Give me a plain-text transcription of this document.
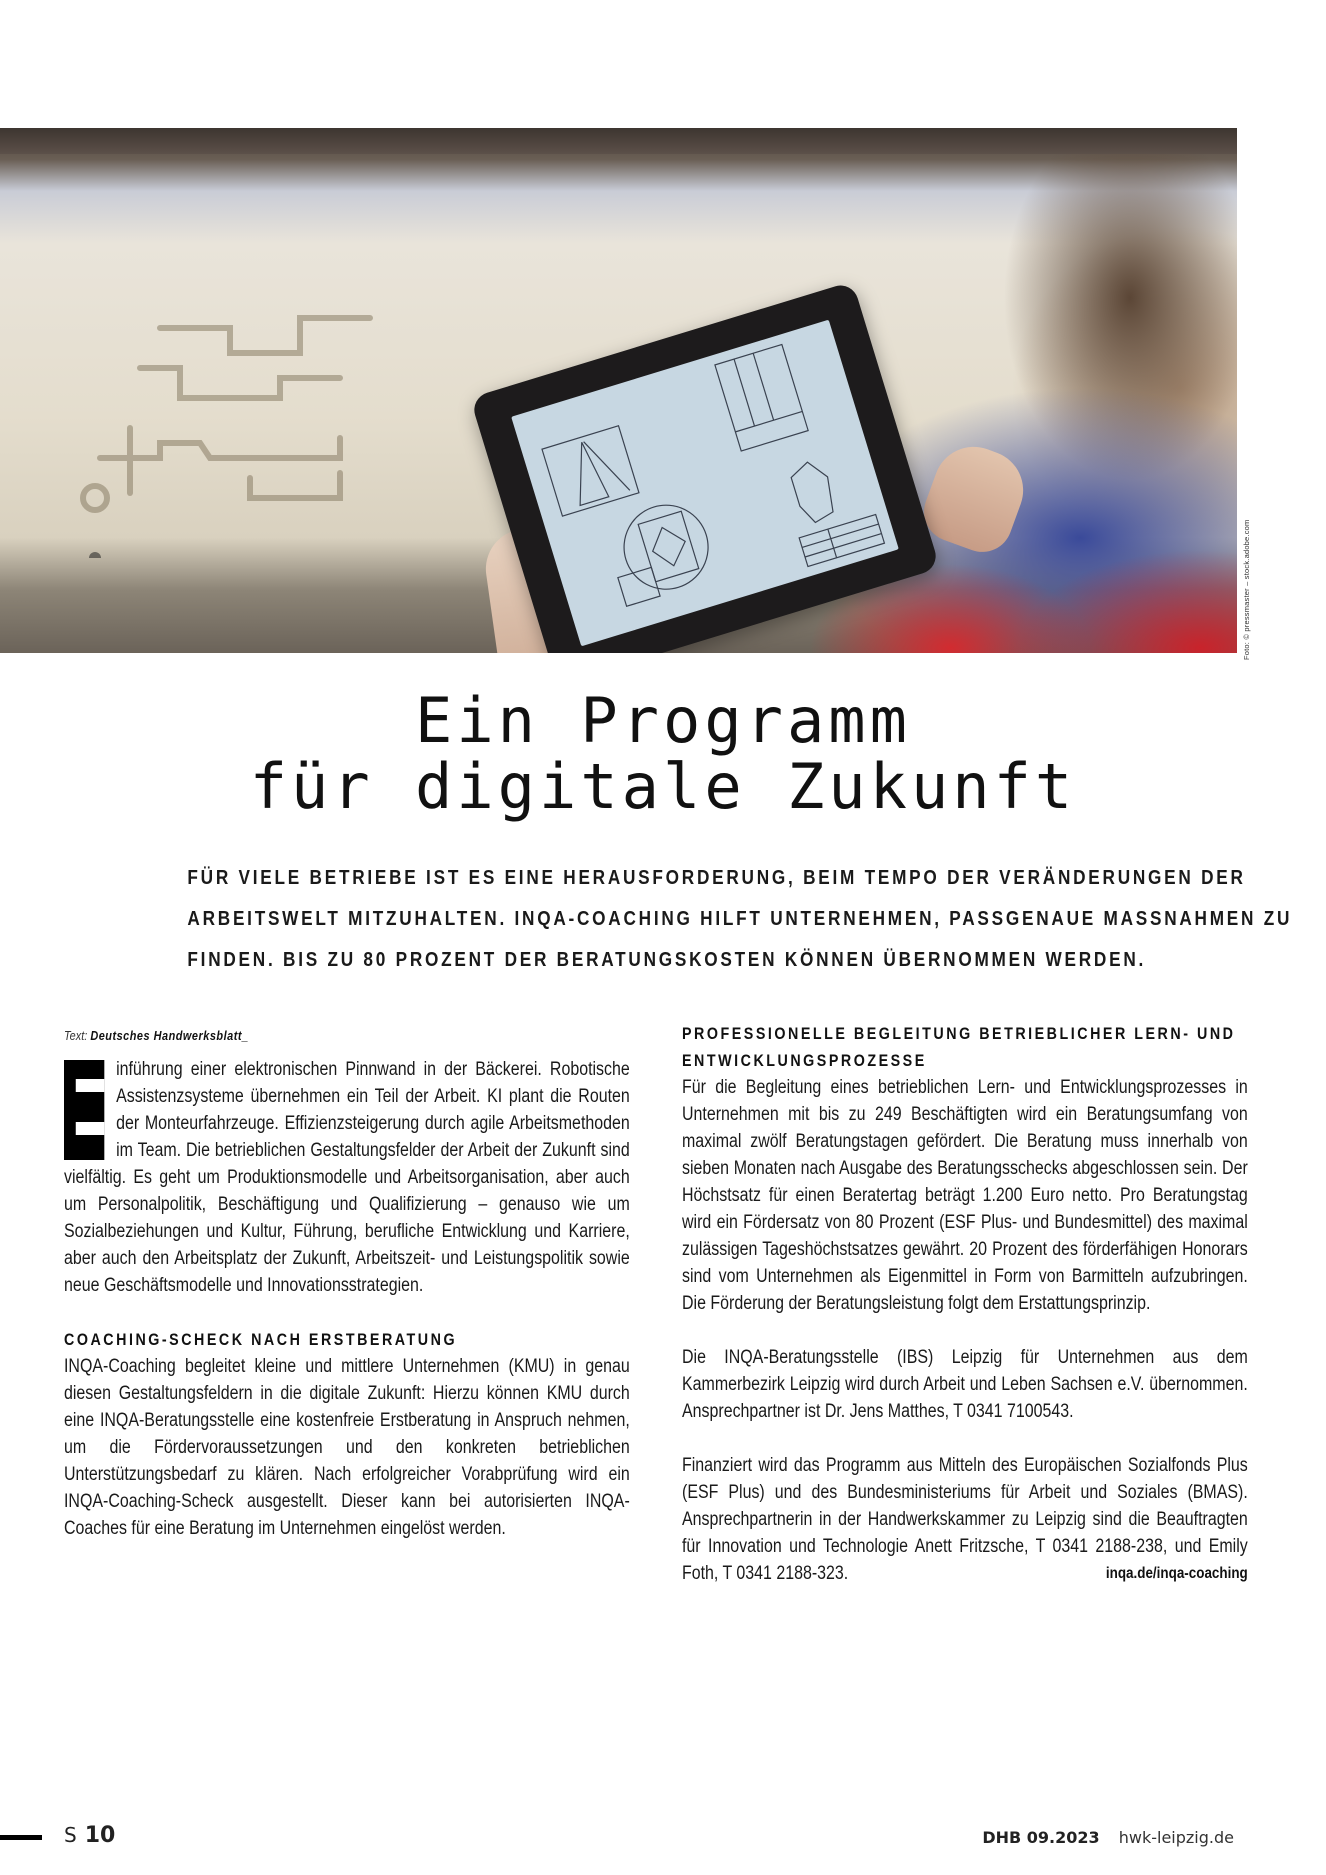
Foto: © pressmaster – stock.adobe.com
Ein Programm
für digitale Zukunft
FÜR VIELE BETRIEBE IST ES EINE HERAUSFORDERUNG, BEIM TEMPO DER VERÄNDERUNGEN DER
ARBEITSWELT MITZUHALTEN. INQA-COACHING HILFT UNTERNEHMEN, PASSGENAUE MASSNAHMEN ZU
FINDEN. BIS ZU 80 PROZENT DER BERATUNGSKOSTEN KÖNNEN ÜBERNOMMEN WERDEN.
Text: Deutsches Handwerksblatt_

inführung einer elektronischen Pinnwand in der Bäckerei. Robotische Assistenzsysteme übernehmen ein Teil der Arbeit. KI plant die Routen der Monteurfahrzeuge. Effizienzsteigerung durch agile Arbeitsmethoden im Team. Die betrieblichen Gestaltungsfelder der Arbeit der Zukunft sind vielfältig. Es geht um Produktionsmodelle und Arbeitsorganisation, aber auch um Personalpolitik, Beschäftigung und Qualifizierung – genauso wie um Sozialbeziehungen und Kultur, Führung, berufliche Entwicklung und Karriere, aber auch den Arbeitsplatz der Zukunft, Arbeitszeit- und Leistungspolitik sowie neue Geschäftsmodelle und Innovationsstrategien.

COACHING-SCHECK NACH ERSTBERATUNG

INQA-Coaching begleitet kleine und mittlere Unternehmen (KMU) in genau diesen Gestaltungsfeldern in die digitale Zukunft: Hierzu können KMU durch eine INQA-Beratungsstelle eine kostenfreie Erstberatung in Anspruch nehmen, um die Fördervoraussetzungen und den konkreten betrieblichen Unterstützungsbedarf zu klären. Nach erfolgreicher Vorabprüfung wird ein INQA-Coaching-Scheck ausgestellt. Dieser kann bei autorisierten INQA-Coaches für eine Beratung im Unternehmen eingelöst werden.

PROFESSIONELLE BEGLEITUNG BETRIEBLICHER LERN- UND ENTWICKLUNGSPROZESSE

Für die Begleitung eines betrieblichen Lern- und Entwicklungsprozesses in Unternehmen mit bis zu 249 Beschäftigten wird ein Beratungsumfang von maximal zwölf Beratungstagen gefördert. Die Beratung muss innerhalb von sieben Monaten nach Ausgabe des Beratungsschecks abgeschlossen sein. Der Höchstsatz für einen Beratertag beträgt 1.200 Euro netto. Pro Beratungstag wird ein Fördersatz von 80 Prozent (ESF Plus- und Bundesmittel) des maximal zulässigen Tageshöchstsatzes gewährt. 20 Prozent des förderfähigen Honorars sind vom Unternehmen als Eigenmittel in Form von Barmitteln aufzubringen. Die Förderung der Beratungsleistung folgt dem Erstattungsprinzip.

Die INQA-Beratungsstelle (IBS) Leipzig für Unternehmen aus dem Kammerbezirk Leipzig wird durch Arbeit und Leben Sachsen e.V. übernommen. Ansprechpartner ist Dr. Jens Matthes, T 0341 7100543.

Finanziert wird das Programm aus Mitteln des Europäischen Sozialfonds Plus (ESF Plus) und des Bundesministeriums für Arbeit und Soziales (BMAS). Ansprechpartnerin in der Handwerkskammer zu Leipzig sind die Beauftragten für Innovation und Technologie Anett Fritzsche, T 0341 2188-238, und Emily Foth, T 0341 2188-323.	inqa.de/inqa-coaching
S 10	DHB 09.2023 hwk-leipzig.de
